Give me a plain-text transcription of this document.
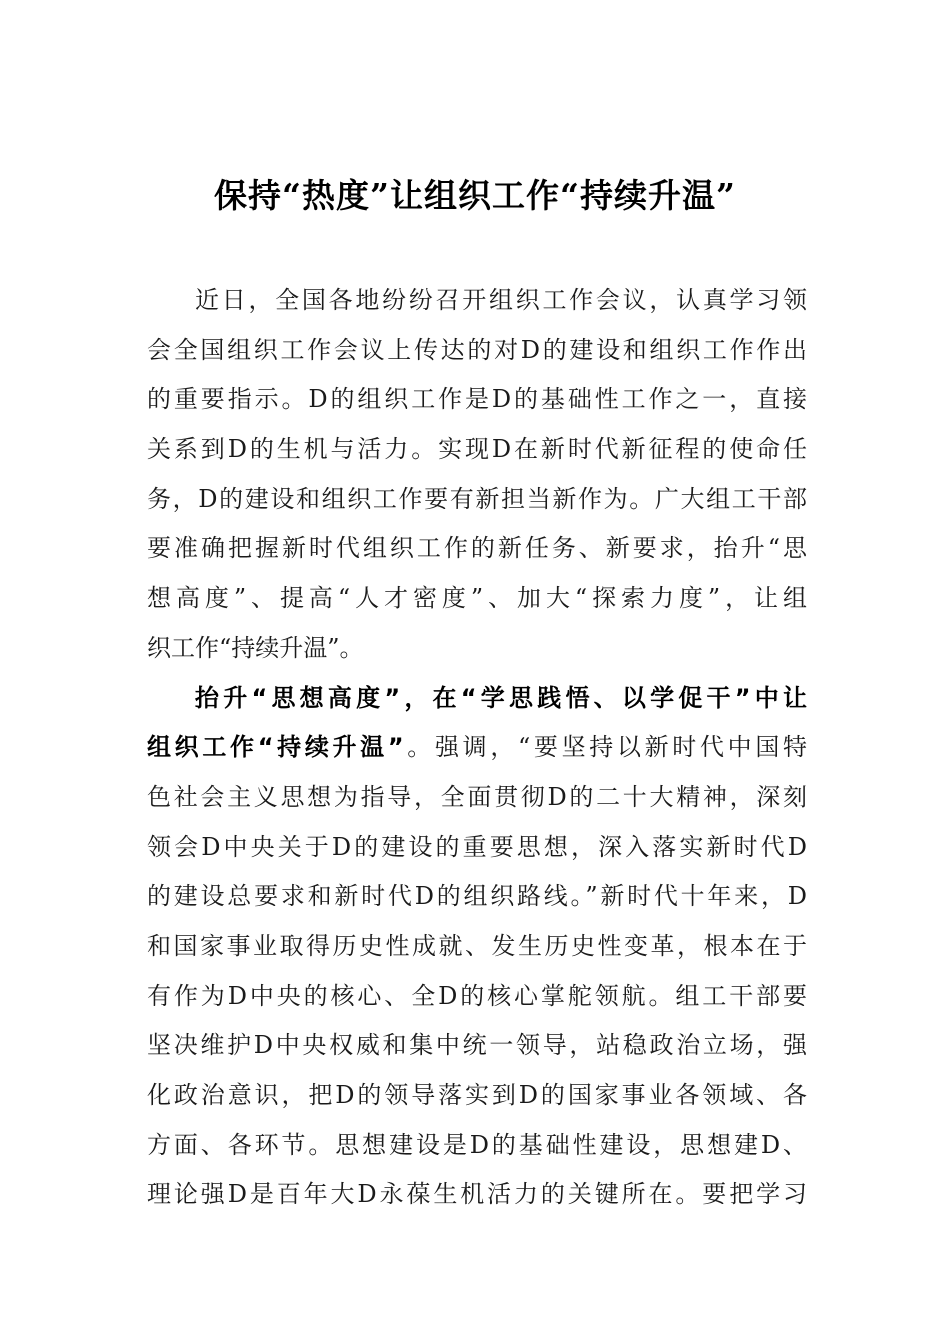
保持“热度”让组织工作“持续升温”
近日，全国各地纷纷召开组织工作会议，认真学习领
会全国组织工作会议上传达的对D的建设和组织工作作出
的重要指示。D的组织工作是D的基础性工作之一，直接
关系到D的生机与活力。实现D在新时代新征程的使命任
务，D的建设和组织工作要有新担当新作为。广大组工干部
要准确把握新时代组织工作的新任务、新要求，抬升“思
想高度”、提高“人才密度”、加大“探索力度”，让组
织工作“持续升温”。
抬升“思想高度”，在“学思践悟、以学促干”中让
组织工作“持续升温”。强调，“要坚持以新时代中国特
色社会主义思想为指导，全面贯彻D的二十大精神，深刻
领会D中央关于D的建设的重要思想，深入落实新时代D
的建设总要求和新时代D的组织路线。”新时代十年来，D
和国家事业取得历史性成就、发生历史性变革，根本在于
有作为D中央的核心、全D的核心掌舵领航。组工干部要
坚决维护D中央权威和集中统一领导，站稳政治立场，强
化政治意识，把D的领导落实到D的国家事业各领域、各
方面、各环节。思想建设是D的基础性建设，思想建D、
理论强D是百年大D永葆生机活力的关键所在。要把学习
